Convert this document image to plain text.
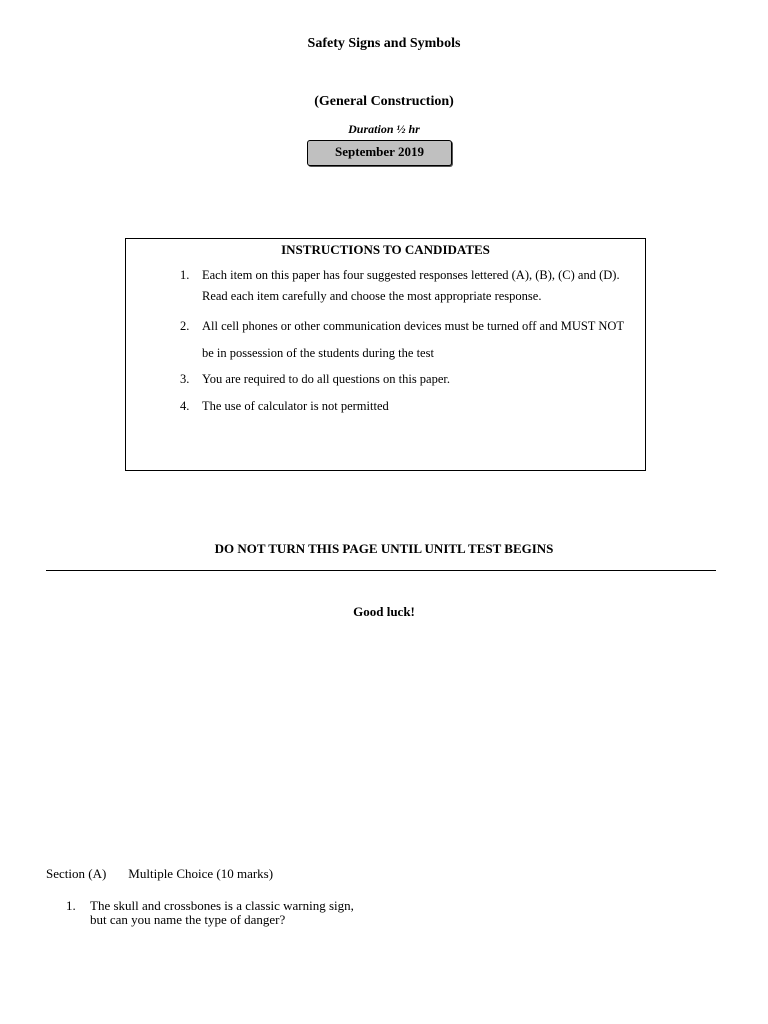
Safety Signs and Symbols
(General Construction)
Duration ½ hr
September 2019
INSTRUCTIONS TO CANDIDATES
1. Each item on this paper has four suggested responses lettered (A), (B), (C) and (D). Read each item carefully and choose the most appropriate response.
2. All cell phones or other communication devices must be turned off and MUST NOT be in possession of the students during the test
3. You are required to do all questions on this paper.
4. The use of calculator is not permitted
DO NOT TURN THIS PAGE UNTIL UNITL TEST BEGINS
Good luck!
Section (A) Multiple Choice (10 marks)
1. The skull and crossbones is a classic warning sign, but can you name the type of danger?
